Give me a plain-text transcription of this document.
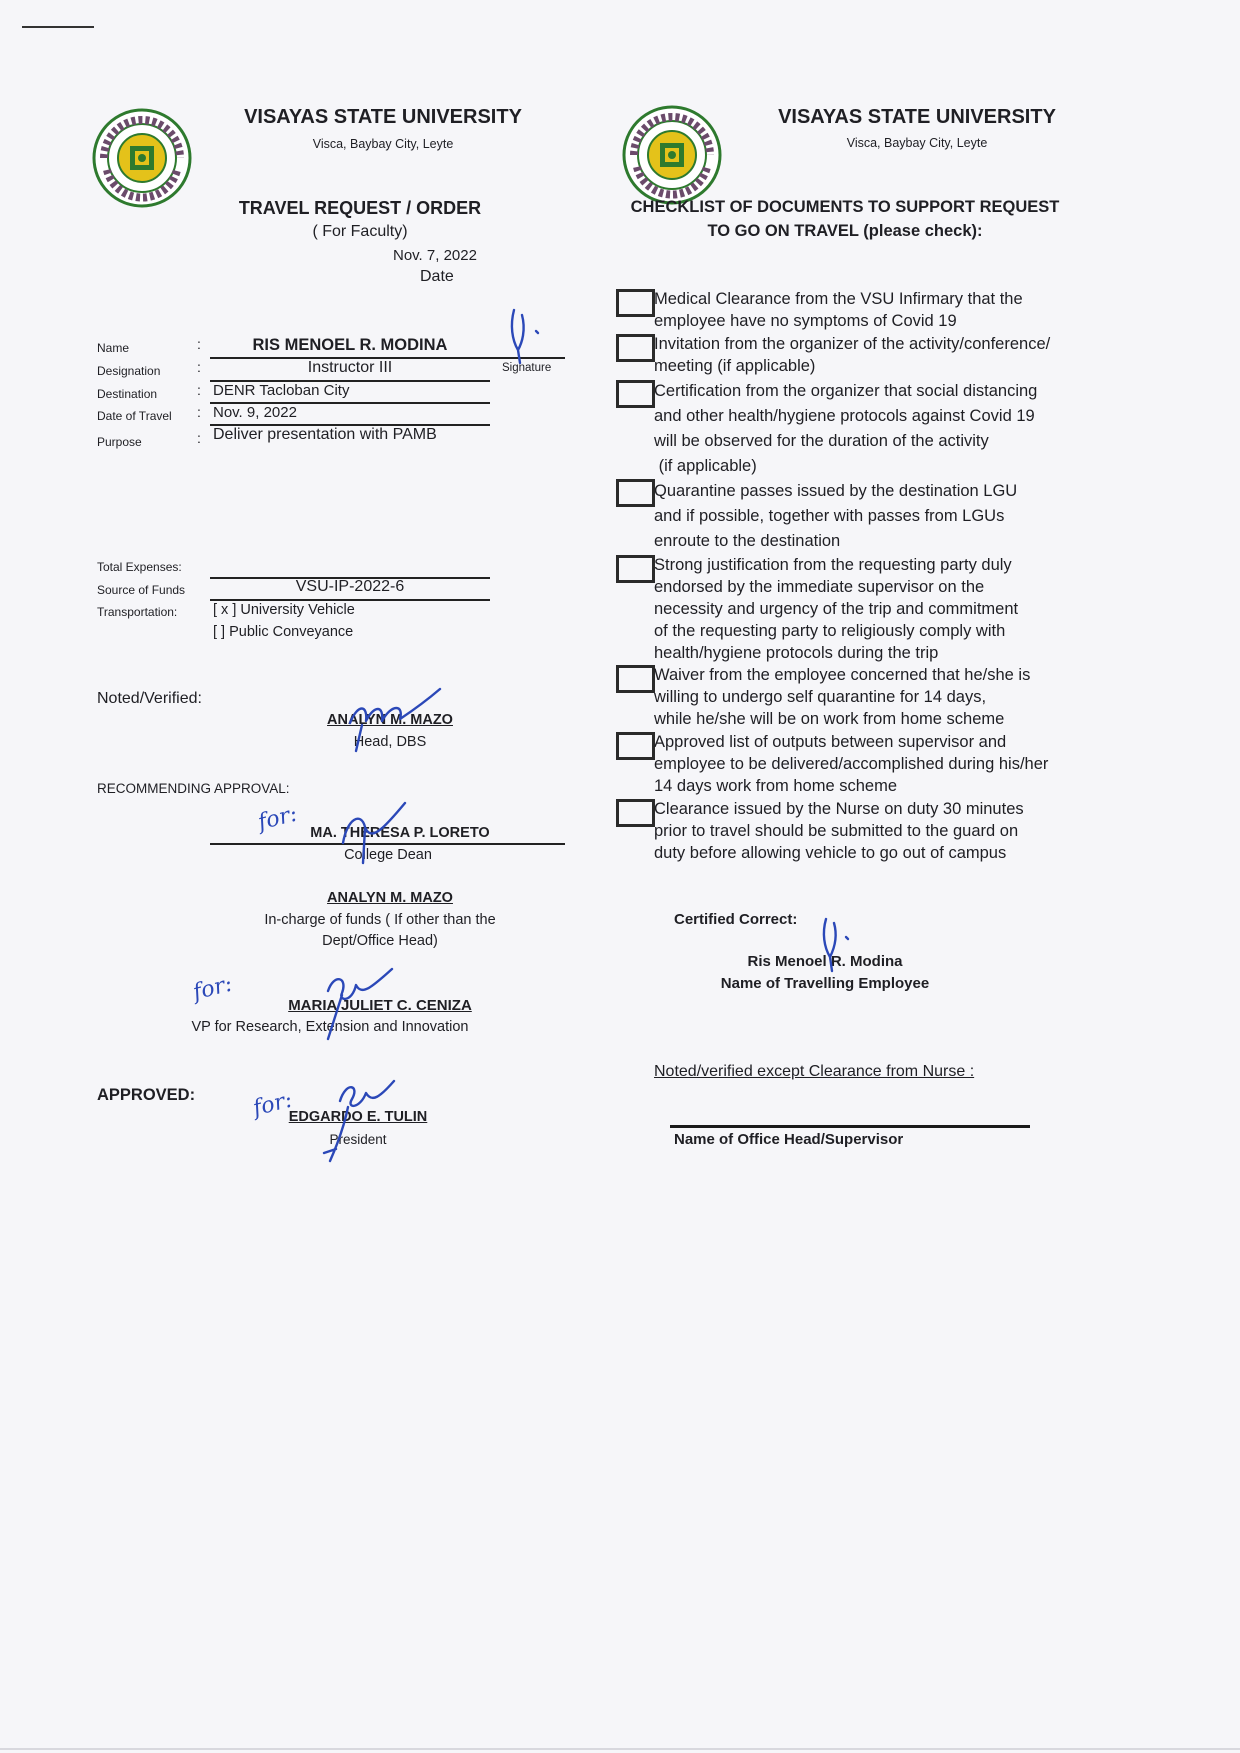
VISAYAS STATE UNIVERSITY
Visca, Baybay City, Leyte
TRAVEL REQUEST / ORDER
( For Faculty)
Nov. 7, 2022
Date
Name	:	RIS MENOEL R. MODINA
Signature
Designation	:	Instructor III
Destination	: DENR Tacloban City
Date of Travel : Nov. 9, 2022
Purpose	: Deliver presentation with PAMB
Total Expenses:
Source of Funds	VSU-IP-2022-6
Transportation: [ x ] University Vehicle
[ ] Public Conveyance
Noted/Verified:
ANALYN M. MAZO
Head, DBS
RECOMMENDING APPROVAL:
MA. THERESA P. LORETO
College Dean
ANALYN M. MAZO
In-charge of funds ( If other than the
Dept/Office Head)
MARIA JULIET C. CENIZA
VP for Research, Extension and Innovation
APPROVED:
EDGARDO E. TULIN
President
for:
for:
for:
VISAYAS STATE UNIVERSITY
Visca, Baybay City, Leyte
CHECKLIST OF DOCUMENTS TO SUPPORT REQUEST
TO GO ON TRAVEL (please check):
Medical Clearance from the VSU Infirmary that the
employee have no symptoms of Covid 19
Invitation from the organizer of the activity/conference/
meeting (if applicable)
Certification from the organizer that social distancing
and other health/hygiene protocols against Covid 19
will be observed for the duration of the activity
(if applicable)
Quarantine passes issued by the destination LGU
and if possible, together with passes from LGUs
enroute to the destination
Strong justification from the requesting party duly
endorsed by the immediate supervisor on the
necessity and urgency of the trip and commitment
of the requesting party to religiously comply with
health/hygiene protocols during the trip
Waiver from the employee concerned that he/she is
willing to undergo self quarantine for 14 days,
while he/she will be on work from home scheme
Approved list of outputs between supervisor and
employee to be delivered/accomplished during his/her
14 days work from home scheme
Clearance issued by the Nurse on duty 30 minutes
prior to travel should be submitted to the guard on
duty before allowing vehicle to go out of campus
Certified Correct:
Ris Menoel R. Modina
Name of Travelling Employee
Noted/verified except Clearance from Nurse :
Name of Office Head/Supervisor
